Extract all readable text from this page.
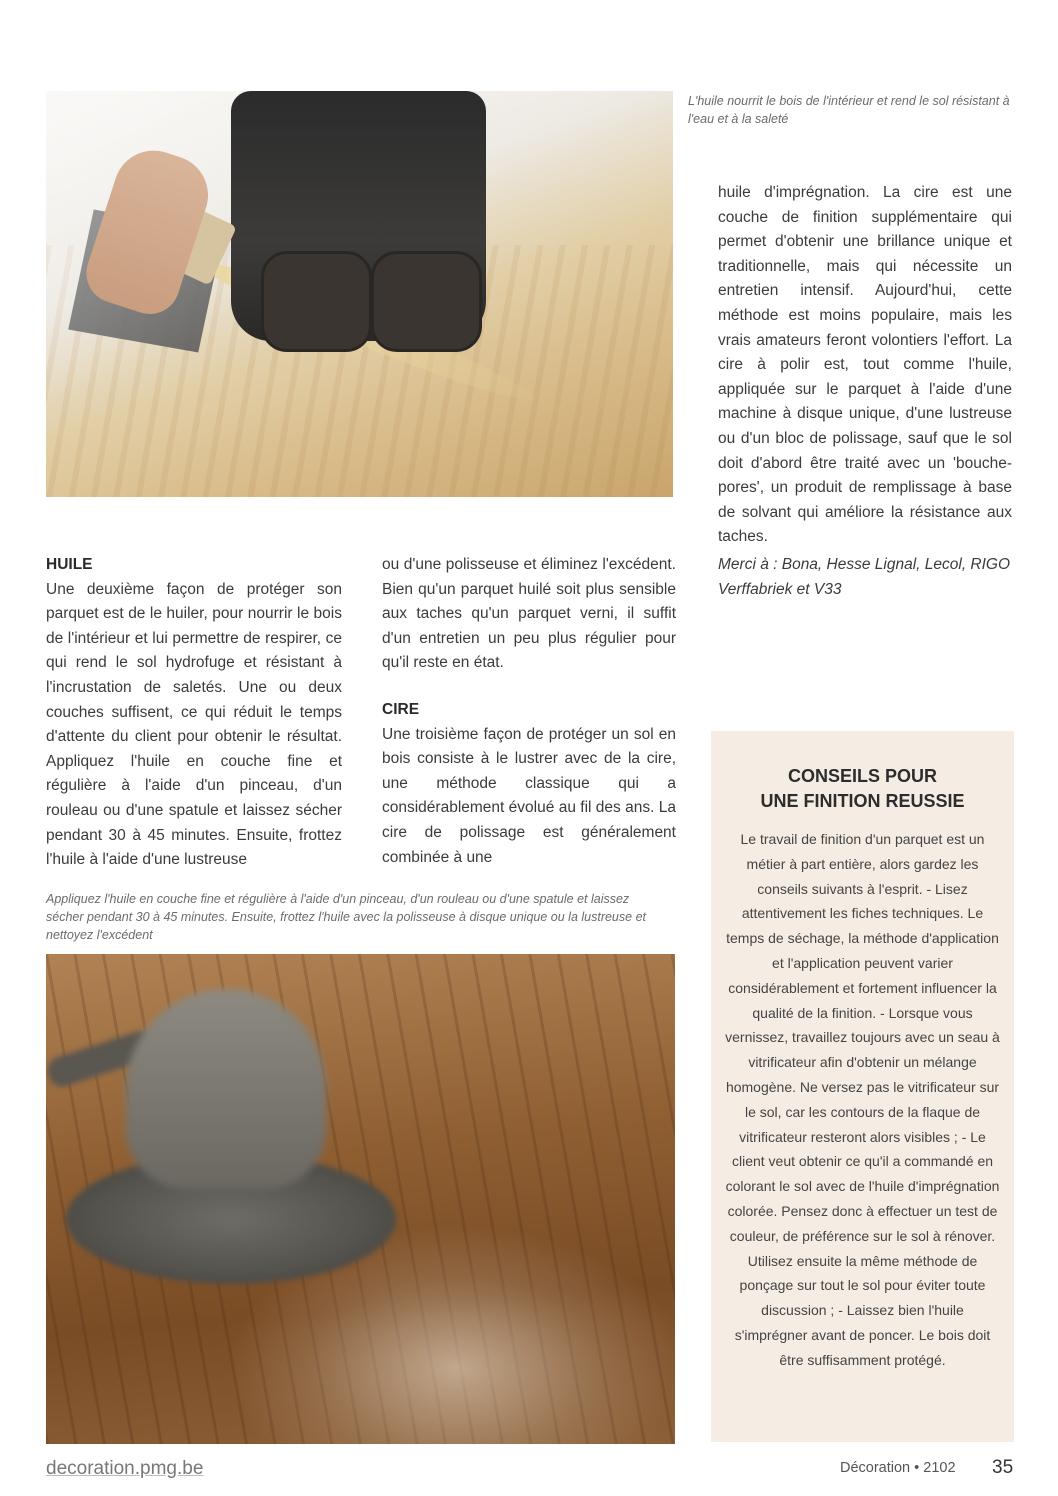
L'huile nourrit le bois de l'intérieur et rend le sol résistant à l'eau et à la saleté

huile d'imprégnation. La cire est une couche de finition supplémentaire qui permet d'obtenir une brillance unique et traditionnelle, mais qui nécessite un entretien intensif. Aujourd'hui, cette méthode est moins populaire, mais les vrais amateurs feront volontiers l'effort. La cire à polir est, tout comme l'huile, appliquée sur le parquet à l'aide d'une machine à disque unique, d'une lustreuse ou d'un bloc de polissage, sauf que le sol doit d'abord être traité avec un 'bouche-pores', un produit de remplissage à base de solvant qui améliore la résistance aux taches.

Merci à : Bona, Hesse Lignal, Lecol, RIGO Verffabriek et V33

HUILE

Une deuxième façon de protéger son parquet est de le huiler, pour nourrir le bois de l'intérieur et lui permettre de respirer, ce qui rend le sol hydrofuge et résistant à l'incrustation de saletés. Une ou deux couches suffisent, ce qui réduit le temps d'attente du client pour obtenir le résultat. Appliquez l'huile en couche fine et régulière à l'aide d'un pinceau, d'un rouleau ou d'une spatule et laissez sécher pendant 30 à 45 minutes. Ensuite, frottez l'huile à l'aide d'une lustreuse

ou d'une polisseuse et éliminez l'excédent. Bien qu'un parquet huilé soit plus sensible aux taches qu'un parquet verni, il suffit d'un entretien un peu plus régulier pour qu'il reste en état.

CIRE

Une troisième façon de protéger un sol en bois consiste à le lustrer avec de la cire, une méthode classique qui a considérablement évolué au fil des ans. La cire de polissage est généralement combinée à une

Appliquez l'huile en couche fine et régulière à l'aide d'un pinceau, d'un rouleau ou d'une spatule et laissez sécher pendant 30 à 45 minutes. Ensuite, frottez l'huile avec la polisseuse à disque unique ou la lustreuse et nettoyez l'excédent
CONSEILS POUR
UNE FINITION REUSSIE

Le travail de finition d'un parquet est un métier à part entière, alors gardez les conseils suivants à l'esprit. - Lisez attentivement les fiches techniques. Le temps de séchage, la méthode d'application et l'application peuvent varier considérablement et fortement influencer la qualité de la finition. - Lorsque vous vernissez, travaillez toujours avec un seau à vitrificateur afin d'obtenir un mélange homogène. Ne versez pas le vitrificateur sur le sol, car les contours de la flaque de vitrificateur resteront alors visibles ; - Le client veut obtenir ce qu'il a commandé en colorant le sol avec de l'huile d'imprégnation colorée. Pensez donc à effectuer un test de couleur, de préférence sur le sol à rénover. Utilisez ensuite la même méthode de ponçage sur tout le sol pour éviter toute discussion ; - Laissez bien l'huile s'imprégner avant de poncer. Le bois doit être suffisamment protégé.

decoration.pmg.be	Décoration • 2102 35
